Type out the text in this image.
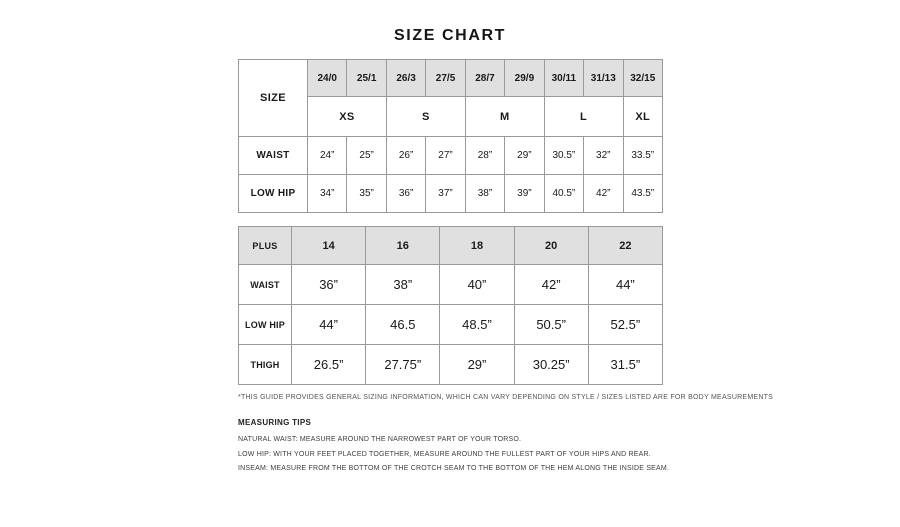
SIZE CHART
SIZE	24/0	25/1	26/3	27/5	28/7	29/9	30/11	31/13	32/15
	XS		S		M		L		XL
WAIST	24”	25”	26”	27”	28”	29”	30.5”	32”	33.5”
LOW HIP	34”	35”	36”	37”	38”	39”	40.5”	42”	43.5”
PLUS	14	16	18	20	22
WAIST	36”	38”	40”	42”	44”
LOW HIP	44”	46.5	48.5”	50.5”	52.5”
THIGH	26.5”	27.75”	29”	30.25”	31.5”
*THIS GUIDE PROVIDES GENERAL SIZING INFORMATION, WHICH CAN VARY DEPENDING ON STYLE / SIZES LISTED ARE FOR BODY MEASUREMENTS
MEASURING TIPS
NATURAL WAIST: MEASURE AROUND THE NARROWEST PART OF YOUR TORSO.
LOW HIP: WITH YOUR FEET PLACED TOGETHER, MEASURE AROUND THE FULLEST PART OF YOUR HIPS AND REAR.
INSEAM: MEASURE FROM THE BOTTOM OF THE CROTCH SEAM TO THE BOTTOM OF THE HEM ALONG THE INSIDE SEAM.
